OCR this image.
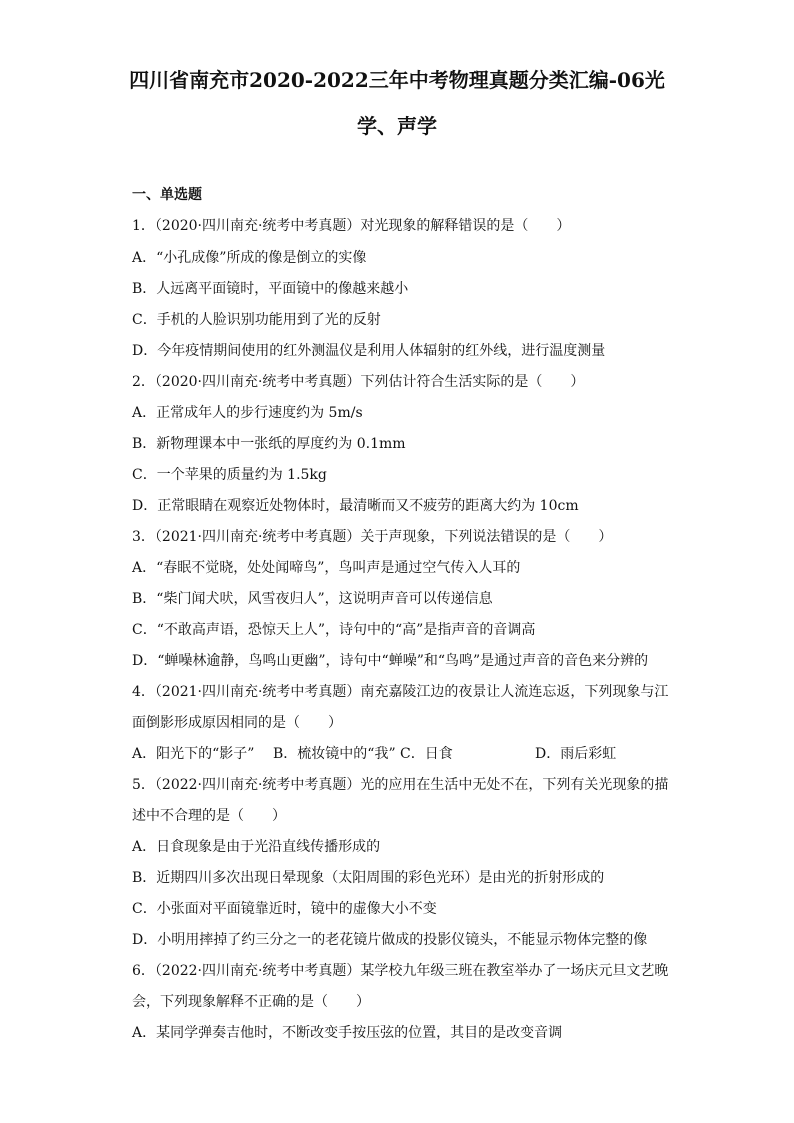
四川省南充市2020-2022三年中考物理真题分类汇编-06光
学、声学
一、单选题
1．（2020·四川南充·统考中考真题）对光现象的解释错误的是（　　）
A．“小孔成像”所成的像是倒立的实像
B．人远离平面镜时，平面镜中的像越来越小
C．手机的人脸识别功能用到了光的反射
D．今年疫情期间使用的红外测温仪是利用人体辐射的红外线，进行温度测量
2．（2020·四川南充·统考中考真题）下列估计符合生活实际的是（　　）
A．正常成年人的步行速度约为 5m/s
B．新物理课本中一张纸的厚度约为 0.1mm
C．一个苹果的质量约为 1.5kg
D．正常眼睛在观察近处物体时，最清晰而又不疲劳的距离大约为 10cm
3．（2021·四川南充·统考中考真题）关于声现象，下列说法错误的是（　　）
A．“春眠不觉晓，处处闻啼鸟”，鸟叫声是通过空气传入人耳的
B．“柴门闻犬吠，风雪夜归人”，这说明声音可以传递信息
C．“不敢高声语，恐惊天上人”，诗句中的“高”是指声音的音调高
D．“蝉噪林逾静，鸟鸣山更幽”，诗句中“蝉噪”和“鸟鸣”是通过声音的音色来分辨的
4．（2021·四川南充·统考中考真题）南充嘉陵江边的夜景让人流连忘返，下列现象与江
面倒影形成原因相同的是（　　）
A．阳光下的“影子” B．梳妆镜中的“我” C．日食	D．雨后彩虹
5．（2022·四川南充·统考中考真题）光的应用在生活中无处不在，下列有关光现象的描
述中不合理的是（　　）
A．日食现象是由于光沿直线传播形成的
B．近期四川多次出现日晕现象（太阳周围的彩色光环）是由光的折射形成的
C．小张面对平面镜靠近时，镜中的虚像大小不变
D．小明用摔掉了约三分之一的老花镜片做成的投影仪镜头，不能显示物体完整的像
6．（2022·四川南充·统考中考真题）某学校九年级三班在教室举办了一场庆元旦文艺晚
会，下列现象解释不正确的是（　　）
A．某同学弹奏吉他时，不断改变手按压弦的位置，其目的是改变音调
